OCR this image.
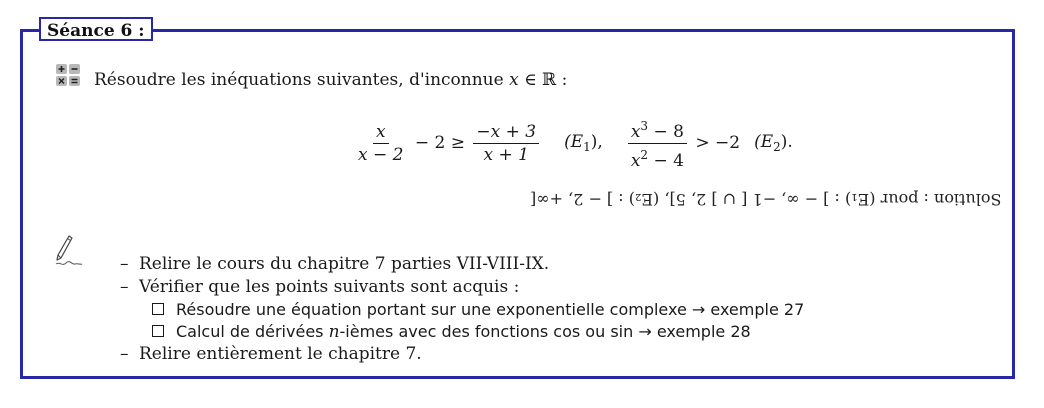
Séance 6 :
Résoudre les inéquations suivantes, d'inconnue x ∈ ℝ :
$\frac{x}{x - 2} - 2 \ge \frac{-x + 3}{x + 1} (E_1)$, $\frac{x^3 - 8}{x^2 - 4} > -2$ $(E_2)$.
Solution : pour (E₁) : ] − ∞, −1 [ ∪ ] 2, 5], (E₂) : ] − 2, +∞[
– Relire le cours du chapitre 7 parties VII-VIII-IX.
– Vérifier que les points suivants sont acquis :
Résoudre une équation portant sur une exponentielle complexe → exemple 27
Calcul de dérivées n-ièmes avec des fonctions cos ou sin → exemple 28
– Relire entièrement le chapitre 7.
